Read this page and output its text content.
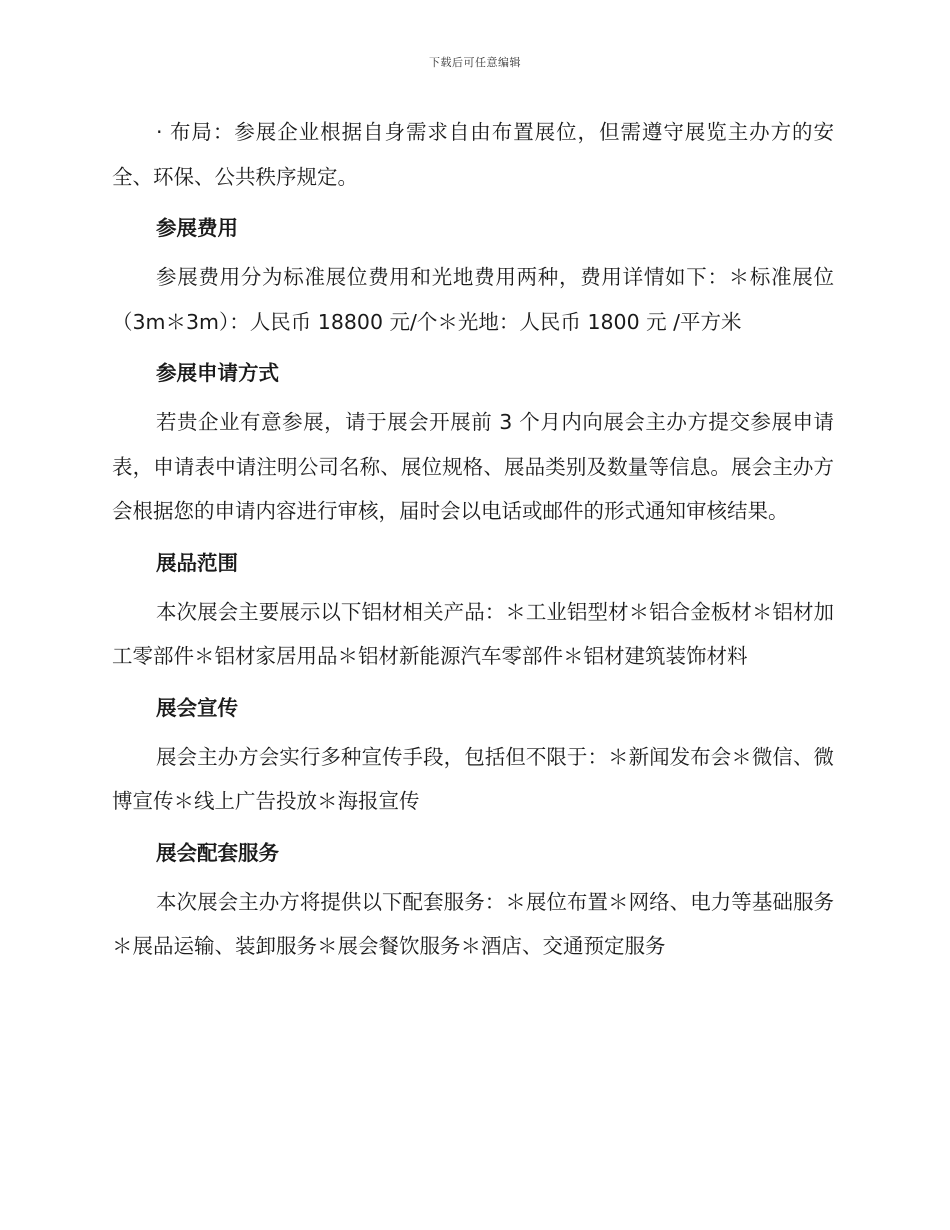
下载后可任意编辑

· 布局：参展企业根据自身需求自由布置展位，但需遵守展览主办方的安全、环保、公共秩序规定。

参展费用

参展费用分为标准展位费用和光地费用两种，费用详情如下：＊标准展位（3m＊3m）：人民币 18800 元/个＊光地：人民币 1800 元 /平方米

参展申请方式

若贵企业有意参展，请于展会开展前 3 个月内向展会主办方提交参展申请表，申请表中请注明公司名称、展位规格、展品类别及数量等信息。展会主办方会根据您的申请内容进行审核，届时会以电话或邮件的形式通知审核结果。

展品范围

本次展会主要展示以下铝材相关产品：＊工业铝型材＊铝合金板材＊铝材加工零部件＊铝材家居用品＊铝材新能源汽车零部件＊铝材建筑装饰材料

展会宣传

展会主办方会实行多种宣传手段，包括但不限于：＊新闻发布会＊微信、微博宣传＊线上广告投放＊海报宣传

展会配套服务

本次展会主办方将提供以下配套服务：＊展位布置＊网络、电力等基础服务＊展品运输、装卸服务＊展会餐饮服务＊酒店、交通预定服务
